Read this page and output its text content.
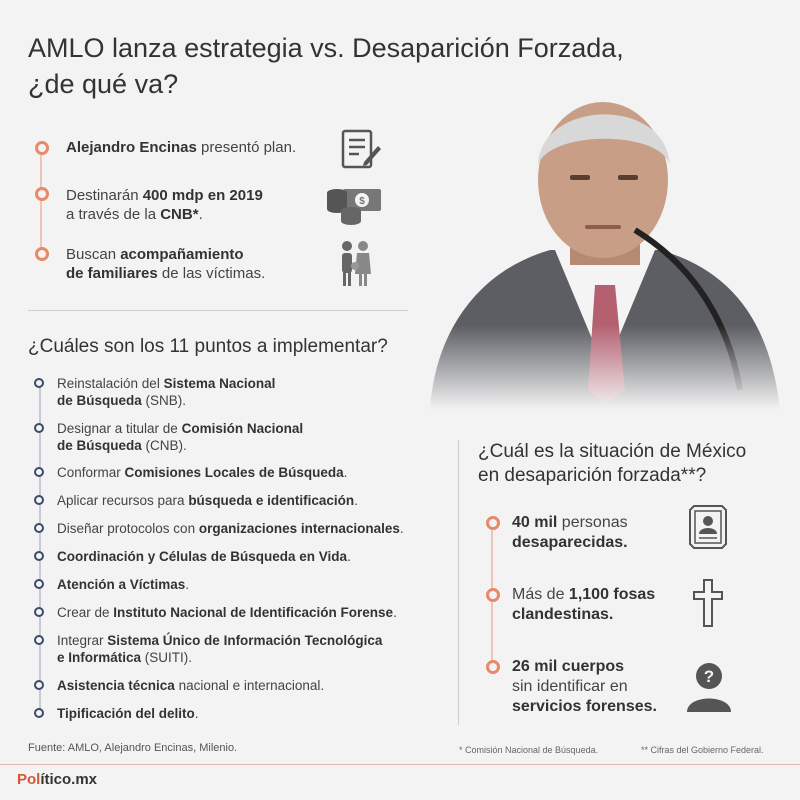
AMLO lanza estrategia vs. Desaparición Forzada,
¿de qué va?
Alejandro Encinas presentó plan.
Destinarán 400 mdp en 2019
a través de la CNB*.
Buscan acompañamiento
de familiares de las víctimas.
$
¿Cuáles son los 11 puntos a implementar?
Reinstalación del Sistema Nacional
de Búsqueda (SNB).
Designar a titular de Comisión Nacional
de Búsqueda (CNB).
Conformar Comisiones Locales de Búsqueda.
Aplicar recursos para búsqueda e identificación.
Diseñar protocolos con organizaciones internacionales.
Coordinación y Células de Búsqueda en Vida.
Atención a Víctimas.
Crear de Instituto Nacional de Identificación Forense.
Integrar Sistema Único de Información Tecnológica
e Informática (SUITI).
Asistencia técnica nacional e internacional.
Tipificación del delito.
¿Cuál es la situación de México
en desaparición forzada**?
40 mil personas
desaparecidas.
Más de 1,100 fosas
clandestinas.
26 mil cuerpos
sin identificar en
servicios forenses.
?
Fuente: AMLO, Alejandro Encinas, Milenio.	* Comisión Nacional de Búsqueda.	** Cifras del Gobierno Federal.
Político.mx
